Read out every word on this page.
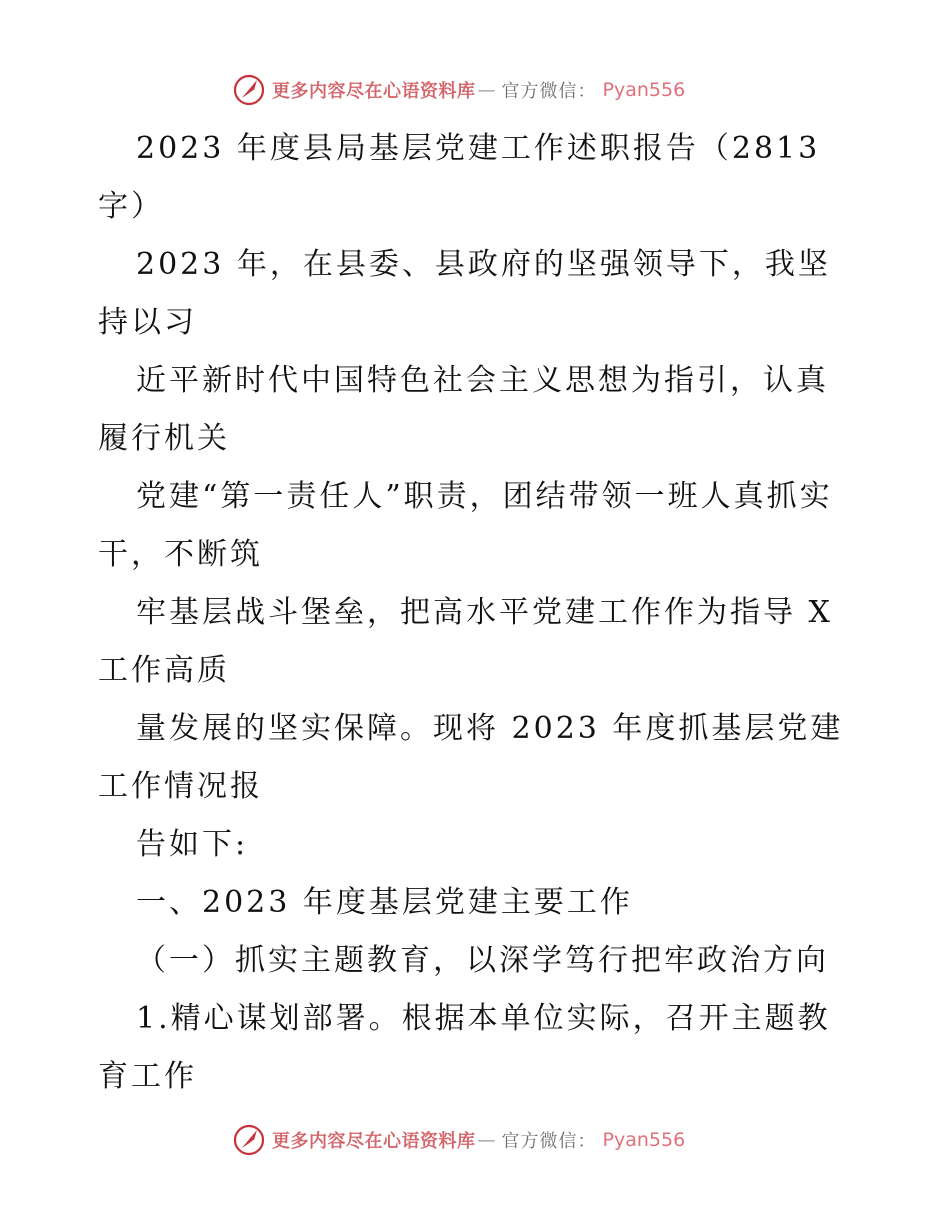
更多内容尽在心语资料库 — 官方微信： Pyan556

2023 年度县局基层党建工作述职报告（2813 字）

2023 年，在县委、县政府的坚强领导下，我坚持以习

近平新时代中国特色社会主义思想为指引，认真履行机关

党建“第一责任人”职责，团结带领一班人真抓实干，不断筑

牢基层战斗堡垒，把高水平党建工作作为指导 X 工作高质

量发展的坚实保障。现将 2023 年度抓基层党建工作情况报

告如下:

一、2023 年度基层党建主要工作

（一）抓实主题教育，以深学笃行把牢政治方向

1.精心谋划部署。根据本单位实际，召开主题教育工作

更多内容尽在心语资料库 — 官方微信： Pyan556
